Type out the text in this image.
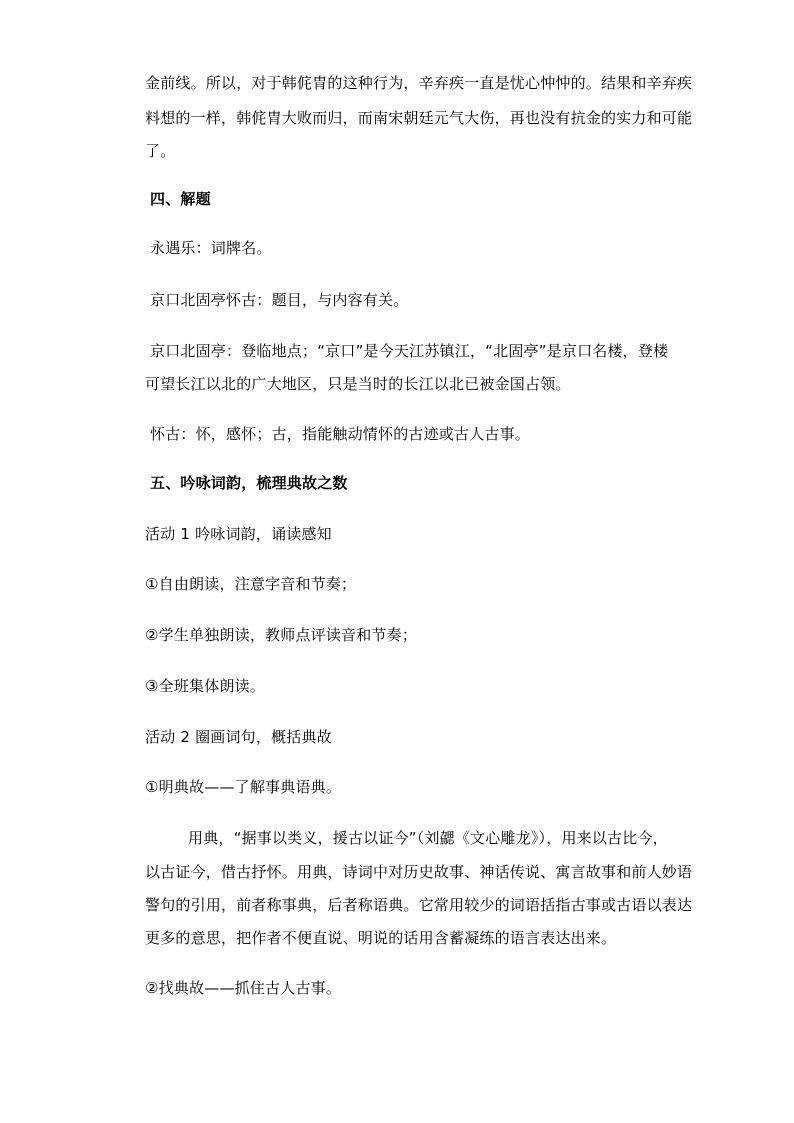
金前线。所以，对于韩侂胄的这种行为，辛弃疾一直是忧心忡忡的。结果和辛弃疾
料想的一样，韩侂胄大败而归，而南宋朝廷元气大伤，再也没有抗金的实力和可能
了。
四、解题
永遇乐：词牌名。
京口北固亭怀古：题目，与内容有关。
京口北固亭：登临地点；“京口”是今天江苏镇江，“北固亭”是京口名楼，登楼
可望长江以北的广大地区，只是当时的长江以北已被金国占领。
怀古：怀，感怀；古，指能触动情怀的古迹或古人古事。
五、吟咏词韵，梳理典故之数
活动 1 吟咏词韵，诵读感知
①自由朗读，注意字音和节奏；
②学生单独朗读，教师点评读音和节奏；
③全班集体朗读。
活动 2 圈画词句，概括典故
①明典故——了解事典语典。
用典，“据事以类义，援古以证今”（刘勰《文心雕龙》），用来以古比今，
以古证今，借古抒怀。用典，诗词中对历史故事、神话传说、寓言故事和前人妙语
警句的引用，前者称事典，后者称语典。它常用较少的词语括指古事或古语以表达
更多的意思，把作者不便直说、明说的话用含蓄凝练的语言表达出来。
②找典故——抓住古人古事。
